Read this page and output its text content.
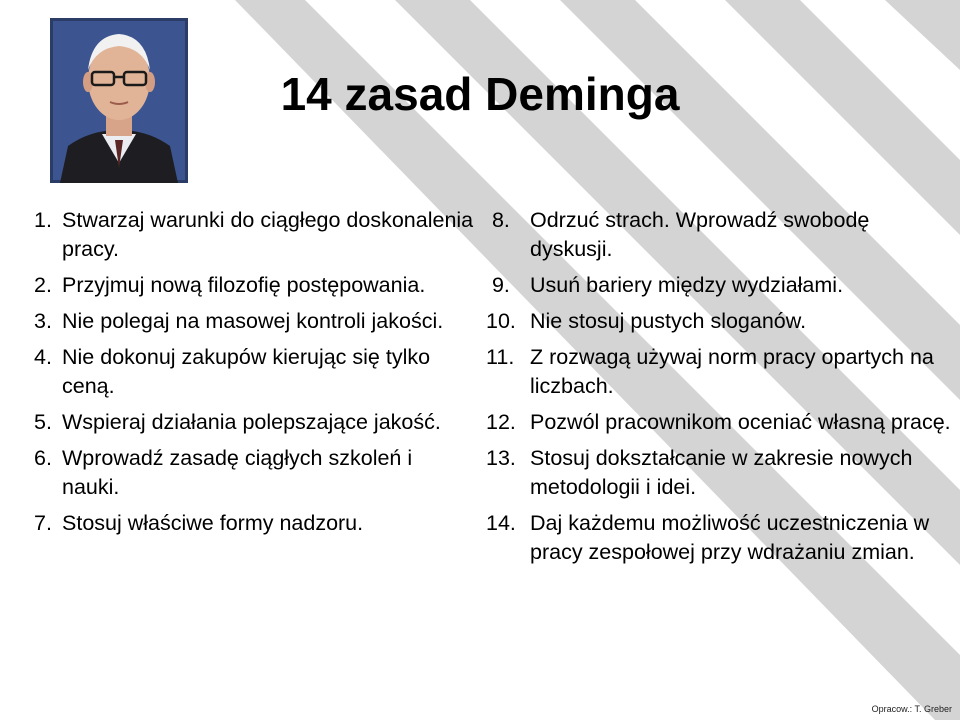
14 zasad Deminga
1. Stwarzaj warunki do ciągłego doskonalenia pracy.
2. Przyjmuj nową filozofię postępowania.
3. Nie polegaj na masowej kontroli jakości.
4. Nie dokonuj zakupów kierując się tylko ceną.
5. Wspieraj działania polepszające jakość.
6. Wprowadź zasadę ciągłych szkoleń i nauki.
7. Stosuj właściwe formy nadzoru.
8. Odrzuć strach. Wprowadź swobodę dyskusji.
9. Usuń bariery między wydziałami.
10. Nie stosuj pustych sloganów.
11. Z rozwagą używaj norm pracy opartych na liczbach.
12. Pozwól pracownikom oceniać własną pracę.
13. Stosuj dokształcanie w zakresie nowych metodologii i idei.
14. Daj każdemu możliwość uczestniczenia w pracy zespołowej przy wdrażaniu zmian.
Opracow.: T. Greber
